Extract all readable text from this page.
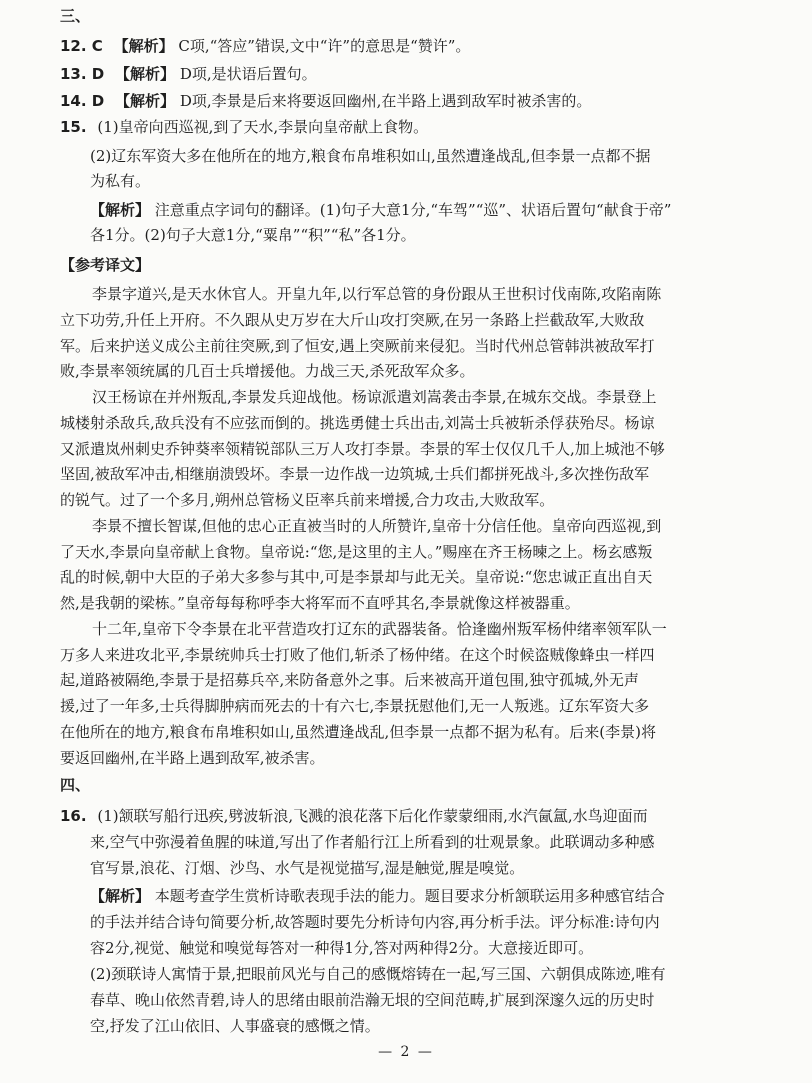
三、
12. C 【解析】 C项,“答应”错误,文中“许”的意思是“赞许”。
13. D 【解析】 D项,是状语后置句。
14. D 【解析】 D项,李景是后来将要返回幽州,在半路上遇到敌军时被杀害的。
15. (1)皇帝向西巡视,到了天水,李景向皇帝献上食物。
(2)辽东军资大多在他所在的地方,粮食布帛堆积如山,虽然遭逢战乱,但李景一点都不据
为私有。
【解析】 注意重点字词句的翻译。(1)句子大意1分,“车驾”“巡”、状语后置句“献食于帝”
各1分。(2)句子大意1分,“粟帛”“积”“私”各1分。
【参考译文】
李景字道兴,是天水休官人。开皇九年,以行军总管的身份跟从王世积讨伐南陈,攻陷南陈
立下功劳,升任上开府。不久跟从史万岁在大斤山攻打突厥,在另一条路上拦截敌军,大败敌
军。后来护送义成公主前往突厥,到了恒安,遇上突厥前来侵犯。当时代州总管韩洪被敌军打
败,李景率领统属的几百士兵增援他。力战三天,杀死敌军众多。
汉王杨谅在并州叛乱,李景发兵迎战他。杨谅派遣刘嵩袭击李景,在城东交战。李景登上
城楼射杀敌兵,敌兵没有不应弦而倒的。挑选勇健士兵出击,刘嵩士兵被斩杀俘获殆尽。杨谅
又派遣岚州刺史乔钟葵率领精锐部队三万人攻打李景。李景的军士仅仅几千人,加上城池不够
坚固,被敌军冲击,相继崩溃毁坏。李景一边作战一边筑城,士兵们都拼死战斗,多次挫伤敌军
的锐气。过了一个多月,朔州总管杨义臣率兵前来增援,合力攻击,大败敌军。
李景不擅长智谋,但他的忠心正直被当时的人所赞许,皇帝十分信任他。皇帝向西巡视,到
了天水,李景向皇帝献上食物。皇帝说:“您,是这里的主人。”赐座在齐王杨暕之上。杨玄感叛
乱的时候,朝中大臣的子弟大多参与其中,可是李景却与此无关。皇帝说:“您忠诚正直出自天
然,是我朝的梁栋。”皇帝每每称呼李大将军而不直呼其名,李景就像这样被器重。
十二年,皇帝下令李景在北平营造攻打辽东的武器装备。恰逢幽州叛军杨仲绪率领军队一
万多人来进攻北平,李景统帅兵士打败了他们,斩杀了杨仲绪。在这个时候盗贼像蜂虫一样四
起,道路被隔绝,李景于是招募兵卒,来防备意外之事。后来被高开道包围,独守孤城,外无声
援,过了一年多,士兵得脚肿病而死去的十有六七,李景抚慰他们,无一人叛逃。辽东军资大多
在他所在的地方,粮食布帛堆积如山,虽然遭逢战乱,但李景一点都不据为私有。后来(李景)将
要返回幽州,在半路上遇到敌军,被杀害。
四、
16. (1)颔联写船行迅疾,劈波斩浪,飞溅的浪花落下后化作蒙蒙细雨,水汽氤氲,水鸟迎面而
来,空气中弥漫着鱼腥的味道,写出了作者船行江上所看到的壮观景象。此联调动多种感
官写景,浪花、汀烟、沙鸟、水气是视觉描写,湿是触觉,腥是嗅觉。
【解析】 本题考查学生赏析诗歌表现手法的能力。题目要求分析颔联运用多种感官结合
的手法并结合诗句简要分析,故答题时要先分析诗句内容,再分析手法。评分标准:诗句内
容2分,视觉、触觉和嗅觉每答对一种得1分,答对两种得2分。大意接近即可。
(2)颈联诗人寓情于景,把眼前风光与自己的感慨熔铸在一起,写三国、六朝俱成陈迹,唯有
春草、晚山依然青碧,诗人的思绪由眼前浩瀚无垠的空间范畴,扩展到深邃久远的历史时
空,抒发了江山依旧、人事盛衰的感慨之情。
— 2 —
